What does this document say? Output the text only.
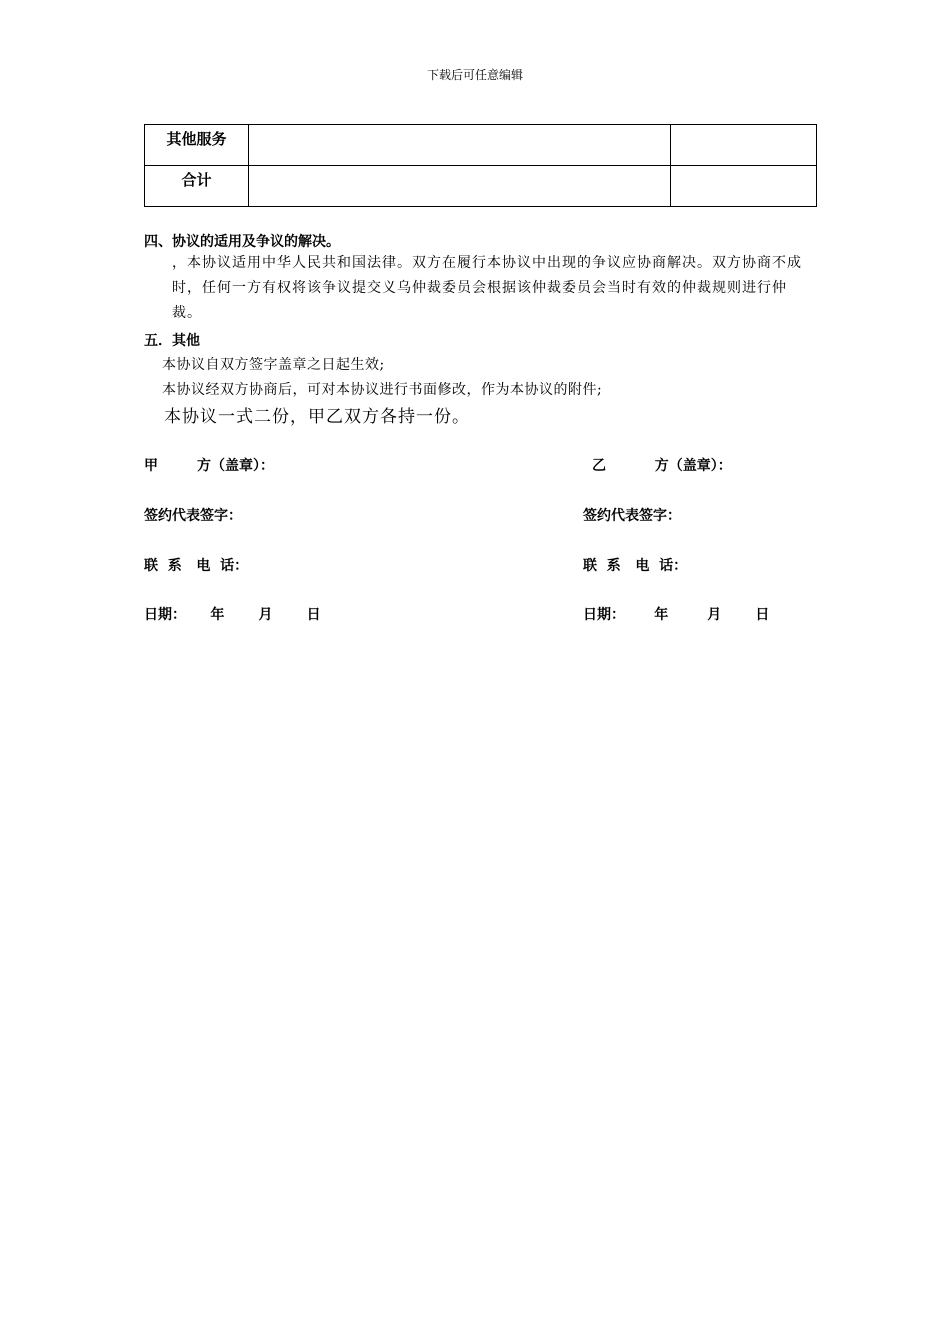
下载后可任意编辑
其他服务		
合计		
四、协议的适用及争议的解决。
，本协议适用中华人民共和国法律。双方在履行本协议中出现的争议应协商解决。双方协商不成时，任何一方有权将该争议提交义乌仲裁委员会根据该仲裁委员会当时有效的仲裁规则进行仲裁。
五．其他
本协议自双方签字盖章之日起生效;
本协议经双方协商后，可对本协议进行书面修改，作为本协议的附件;
本协议一式二份，甲乙双方各持一份。
甲        方（盖章）：	乙          方（盖章）：
签约代表签字：	签约代表签字：
联  系   电  话：	联  系   电  话：
日期：     年       月       日	日期：      年        月       日
